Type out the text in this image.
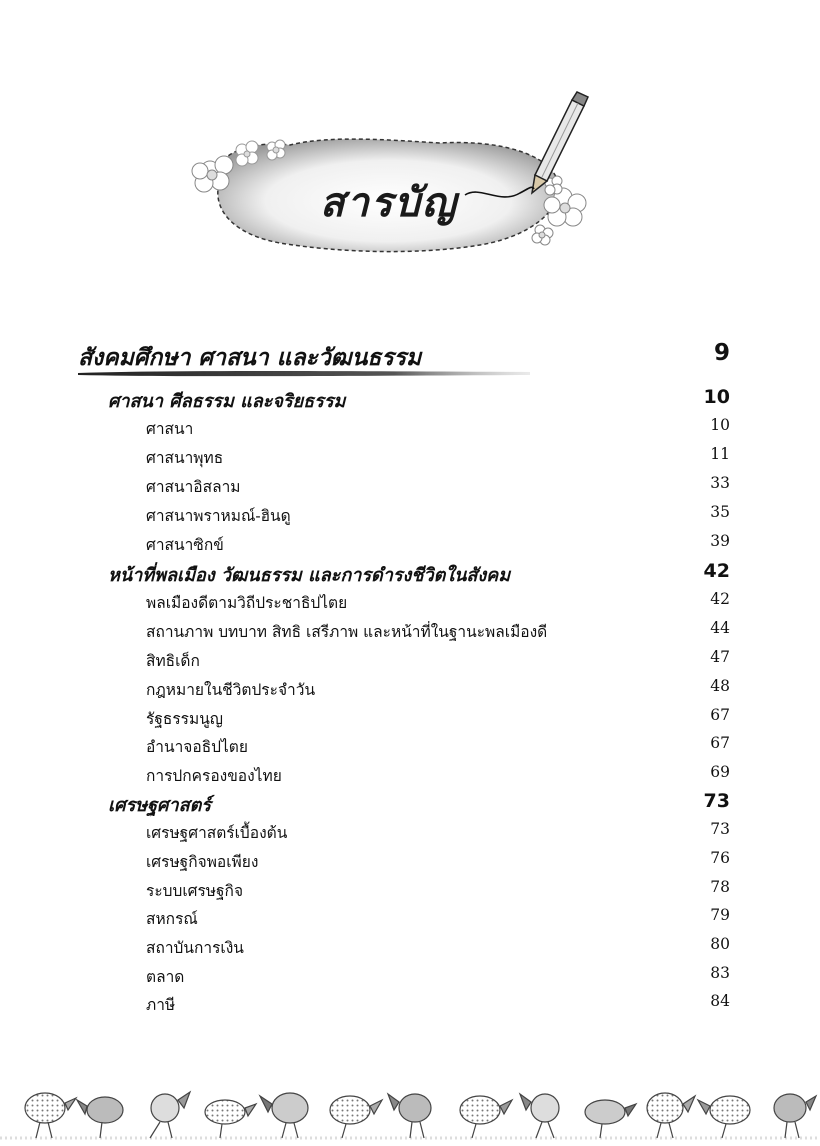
สารบัญ
สังคมศึกษา ศาสนา และวัฒนธรรม	9
ศาสนา ศีลธรรม และจริยธรรม	10
ศาสนา	10
ศาสนาพุทธ	11
ศาสนาอิสลาม	33
ศาสนาพราหมณ์-ฮินดู	35
ศาสนาซิกข์	39
หน้าที่พลเมือง วัฒนธรรม และการดำรงชีวิตในสังคม	42
พลเมืองดีตามวิถีประชาธิปไตย	42
สถานภาพ บทบาท สิทธิ เสรีภาพ และหน้าที่ในฐานะพลเมืองดี	44
สิทธิเด็ก	47
กฎหมายในชีวิตประจำวัน	48
รัฐธรรมนูญ	67
อำนาจอธิปไตย	67
การปกครองของไทย	69
เศรษฐศาสตร์	73
เศรษฐศาสตร์เบื้องต้น	73
เศรษฐกิจพอเพียง	76
ระบบเศรษฐกิจ	78
สหกรณ์	79
สถาบันการเงิน	80
ตลาด	83
ภาษี	84
